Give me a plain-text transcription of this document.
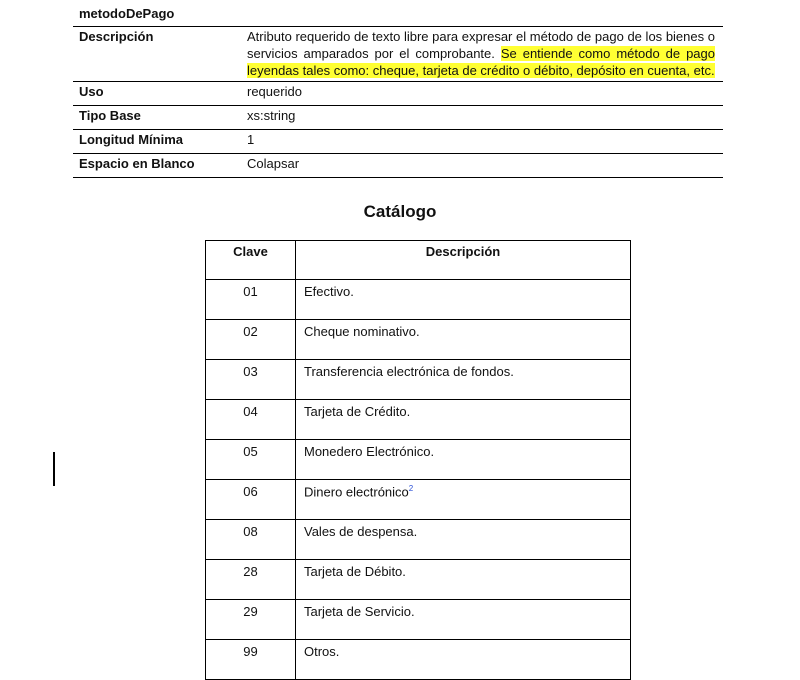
metodoDePago	
Descripción	Atributo requerido de texto libre para expresar el método de pago de los bienes o servicios amparados por el comprobante. Se entiende como método de pago leyendas tales como: cheque, tarjeta de crédito o débito, depósito en cuenta, etc.
Uso	requerido
Tipo Base	xs:string
Longitud Mínima	1
Espacio en Blanco	Colapsar
Catálogo
Clave	Descripción
01	Efectivo.
02	Cheque nominativo.
03	Transferencia electrónica de fondos.
04	Tarjeta de Crédito.
05	Monedero Electrónico.
06	Dinero electrónico$^2$
08	Vales de despensa.
28	Tarjeta de Débito.
29	Tarjeta de Servicio.
99	Otros.
